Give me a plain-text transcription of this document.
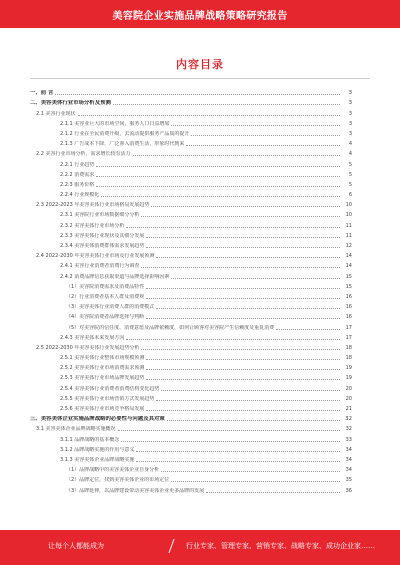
美容院企业实施品牌战略策略研究报告
内容目录
一、前 言	3
二、美容美体行业市场分析及预测	3
2.1 美容行业现状	3
2.1.1 美容业巨大的市场空间，服务人口日益增加	3
2.1.2 行业在全民消费升级，去流动提供服务产品质的提升	3
2.1.3 广告成本下降，广泛渗入消费生活，形象时代到来	4
2.2 美容行业市场分析，需求增长较有活力	4
2.2.1 行业趋势	5
2.2.2 消费需求	5
2.2.3 服务价格	5
2.2.4 行业规模化	6
2.3 2022-2023 年美容美体行业市场格局发展趋势	10
2.3.1 美容院行业市场数据细分分析	10
2.3.2 美容美体行业市场分析	11
2.3.3 美容美体行业现状及其细分发展	11
2.3.4 美容美体消费群体需求发展趋势	12
2.4 2022-2030 年美容美体行业市场及行业发展预测	14
2.4.1 美容行业消费者消费行为调查	14
2.4.2 消费品牌信息获取渠道与品牌选择影响因素	15
（1）美容院消费需求及消费品特性	15
（2）行业消费者基本人群及消费观	16
（3）美容美体行业消费人群的消费模式	16
（4）美容院消费者品牌选择与判断	16
（5）对美容院的信任度、消费意愿及品牌依赖度，如何让顾客对美容院产生信赖度及重复消费	17
2.4.3 美容美体未来发展方向	17
2.5 2022-2030 年美容美体行业发展趋势分析	18
2.5.1 美容美体行业整体市场规模预测	18
2.5.2 美容美体行业市场消费需求预测	19
2.5.3 美容美体行业市场品牌发展趋势	19
2.5.4 美容美体行业消费者消费结构变化趋势	20
2.5.5 美容美体行业市场营销方式发展趋势	20
2.5.6 美容美体行业市场竞争格局发展	21
三、美容美体企业实施品牌战略的必要性与问题及其对策	32
3.1 美容美体企业品牌战略实施概况	32
3.1.1 品牌战略的基本概念	33
3.1.2 品牌战略实施的作用与意义	34
3.1.3 美容美体企业品牌战略实施	34
（1）品牌战略中的美容美体企业自身分析	34
（2）品牌定位，找到美容美体企业的市场定位	35
（3）品牌延伸，以品牌建设带动美容美体企业更多品牌的发展	36
让每个人都能成为	行业专家、管理专家、营销专家、战略专家、成功企业家……
